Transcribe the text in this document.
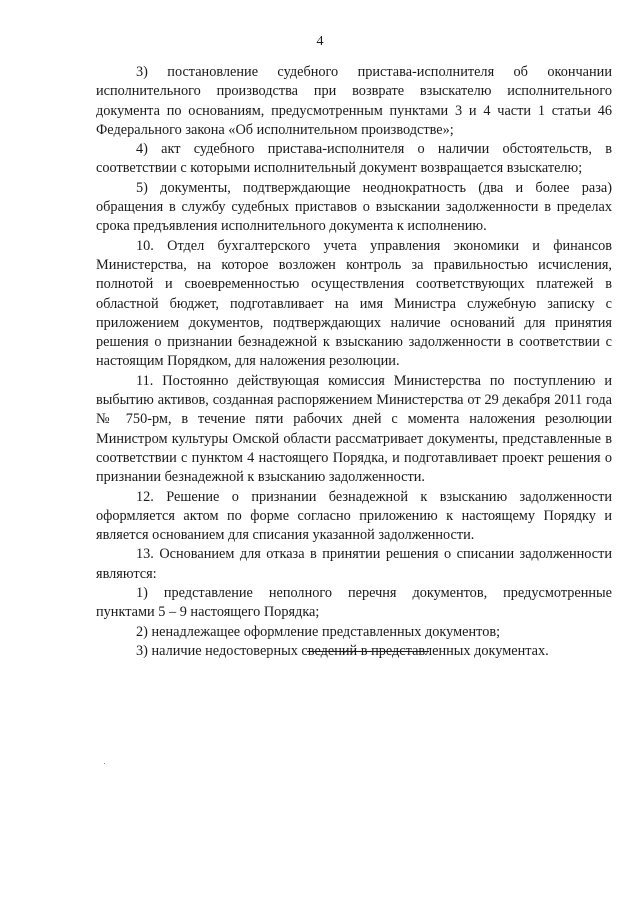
4

3) постановление судебного пристава-исполнителя об окончании исполнительного производства при возврате взыскателю исполнительного документа по основаниям, предусмотренным пунктами 3 и 4 части 1 статьи 46 Федерального закона «Об исполнительном производстве»;

4) акт судебного пристава-исполнителя о наличии обстоятельств, в соответствии с которыми исполнительный документ возвращается взыскателю;

5) документы, подтверждающие неоднократность (два и более раза) обращения в службу судебных приставов о взыскании задолженности в пределах срока предъявления исполнительного документа к исполнению.

10. Отдел бухгалтерского учета управления экономики и финансов Министерства, на которое возложен контроль за правильностью исчисления, полнотой и своевременностью осуществления соответствующих платежей в областной бюджет, подготавливает на имя Министра служебную записку с приложением документов, подтверждающих наличие оснований для принятия решения о признании безнадежной к взысканию задолженности в соответствии с настоящим Порядком, для наложения резолюции.

11. Постоянно действующая комиссия Министерства по поступлению и выбытию активов, созданная распоряжением Министерства от 29 декабря 2011 года № 750-рм, в течение пяти рабочих дней с момента наложения резолюции Министром культуры Омской области рассматривает документы, представленные в соответствии с пунктом 4 настоящего Порядка, и подготавливает проект решения о признании безнадежной к взысканию задолженности.

12. Решение о признании безнадежной к взысканию задолженности оформляется актом по форме согласно приложению к настоящему Порядку и является основанием для списания указанной задолженности.

13. Основанием для отказа в принятии решения о списании задолженности являются:

1) представление неполного перечня документов, предусмотренные пунктами 5 – 9 настоящего Порядка;

2) ненадлежащее оформление представленных документов;

3) наличие недостоверных сведений в представленных документах.
